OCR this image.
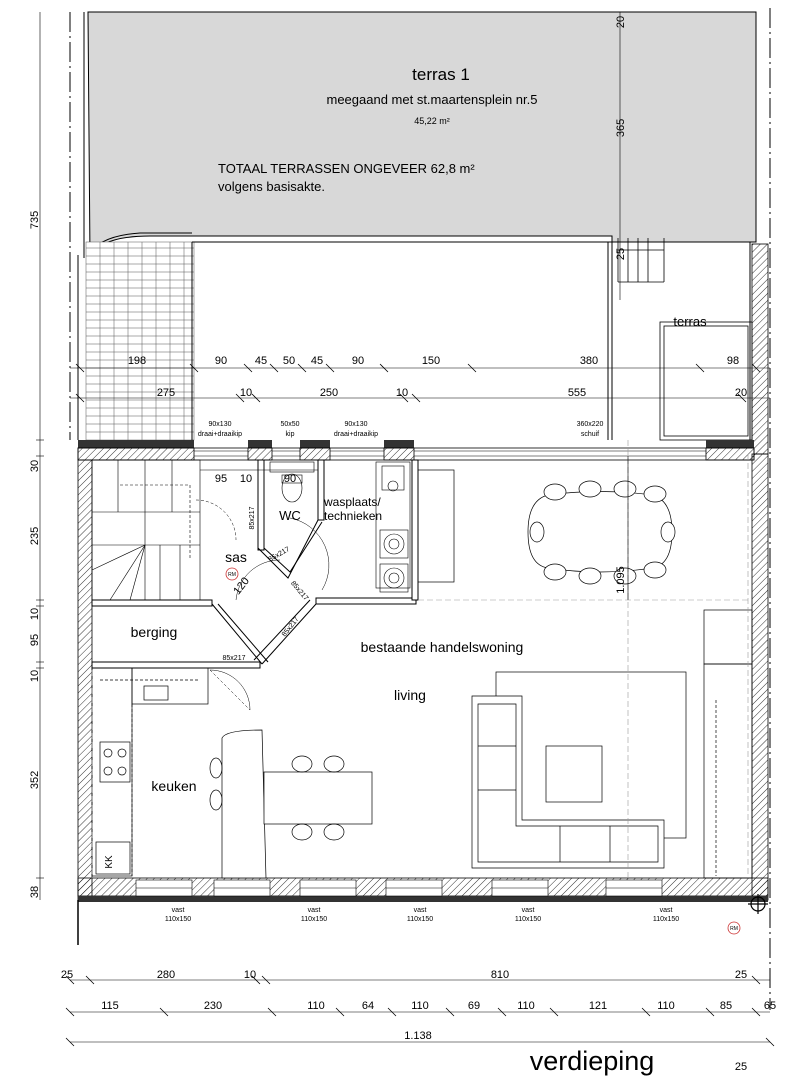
terras 1
meegaand met st.maartensplein nr.5
45,22 m²
TOTAAL TERRASSEN ONGEVEER 62,8 m²
volgens basisakte.
terras
20
365
25
735
30
235
10
95
10
352
38
198	90	45 50 45	90	150	380	98
275	10	250	10	555	20
90x130
draai+draaikip
50x50
kip
90x130
draai+draaikip
360x220
schuif
95 10	90
120	1.095
WC
wasplaats/
technieken
sas
berging
bestaande handelswoning
living
keuken
KK
RM
RM
85x217
85x217
85x217
85x217
85x217
vast
110x150
vast
110x150
vast
110x150
vast
110x150
vast
110x150
25	280	10	810	25
115	230	110	64	110	69	110	121	110	85	65
1.138
25
verdieping
